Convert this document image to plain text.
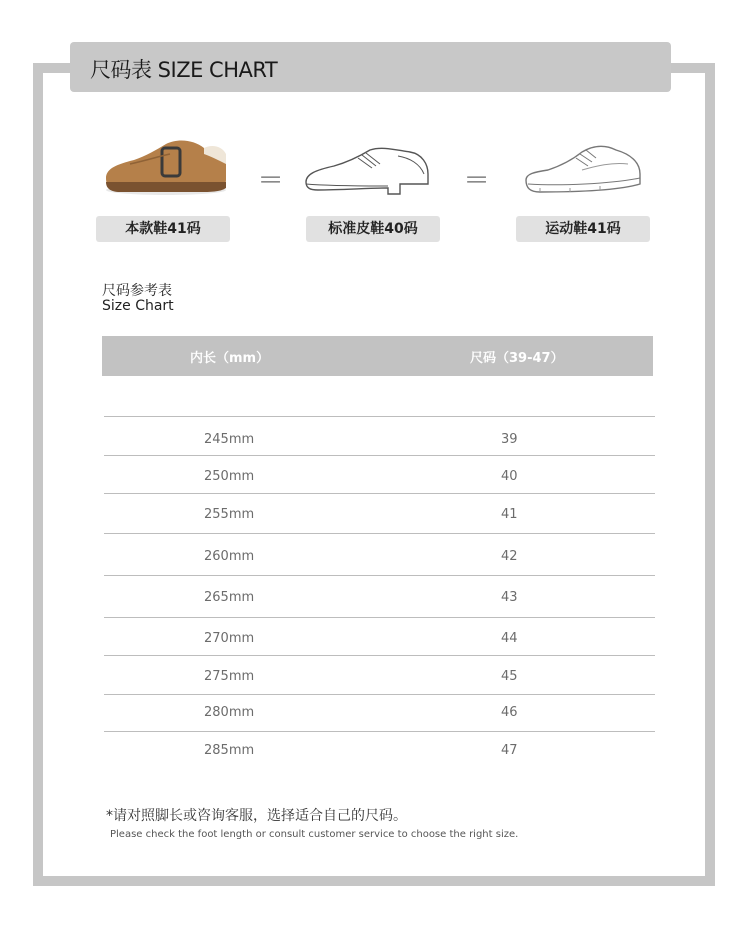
尺码表 SIZE CHART
=	=
本款鞋41码	标准皮鞋40码	运动鞋41码
尺码参考表
Size Chart
内长（mm）	尺码（39-47）
245mm	39
250mm	40
255mm	41
260mm	42
265mm	43
270mm	44
275mm	45
280mm	46
285mm	47
*请对照脚长或咨询客服，选择适合自己的尺码。
Please check the foot length or consult customer service to choose the right size.
